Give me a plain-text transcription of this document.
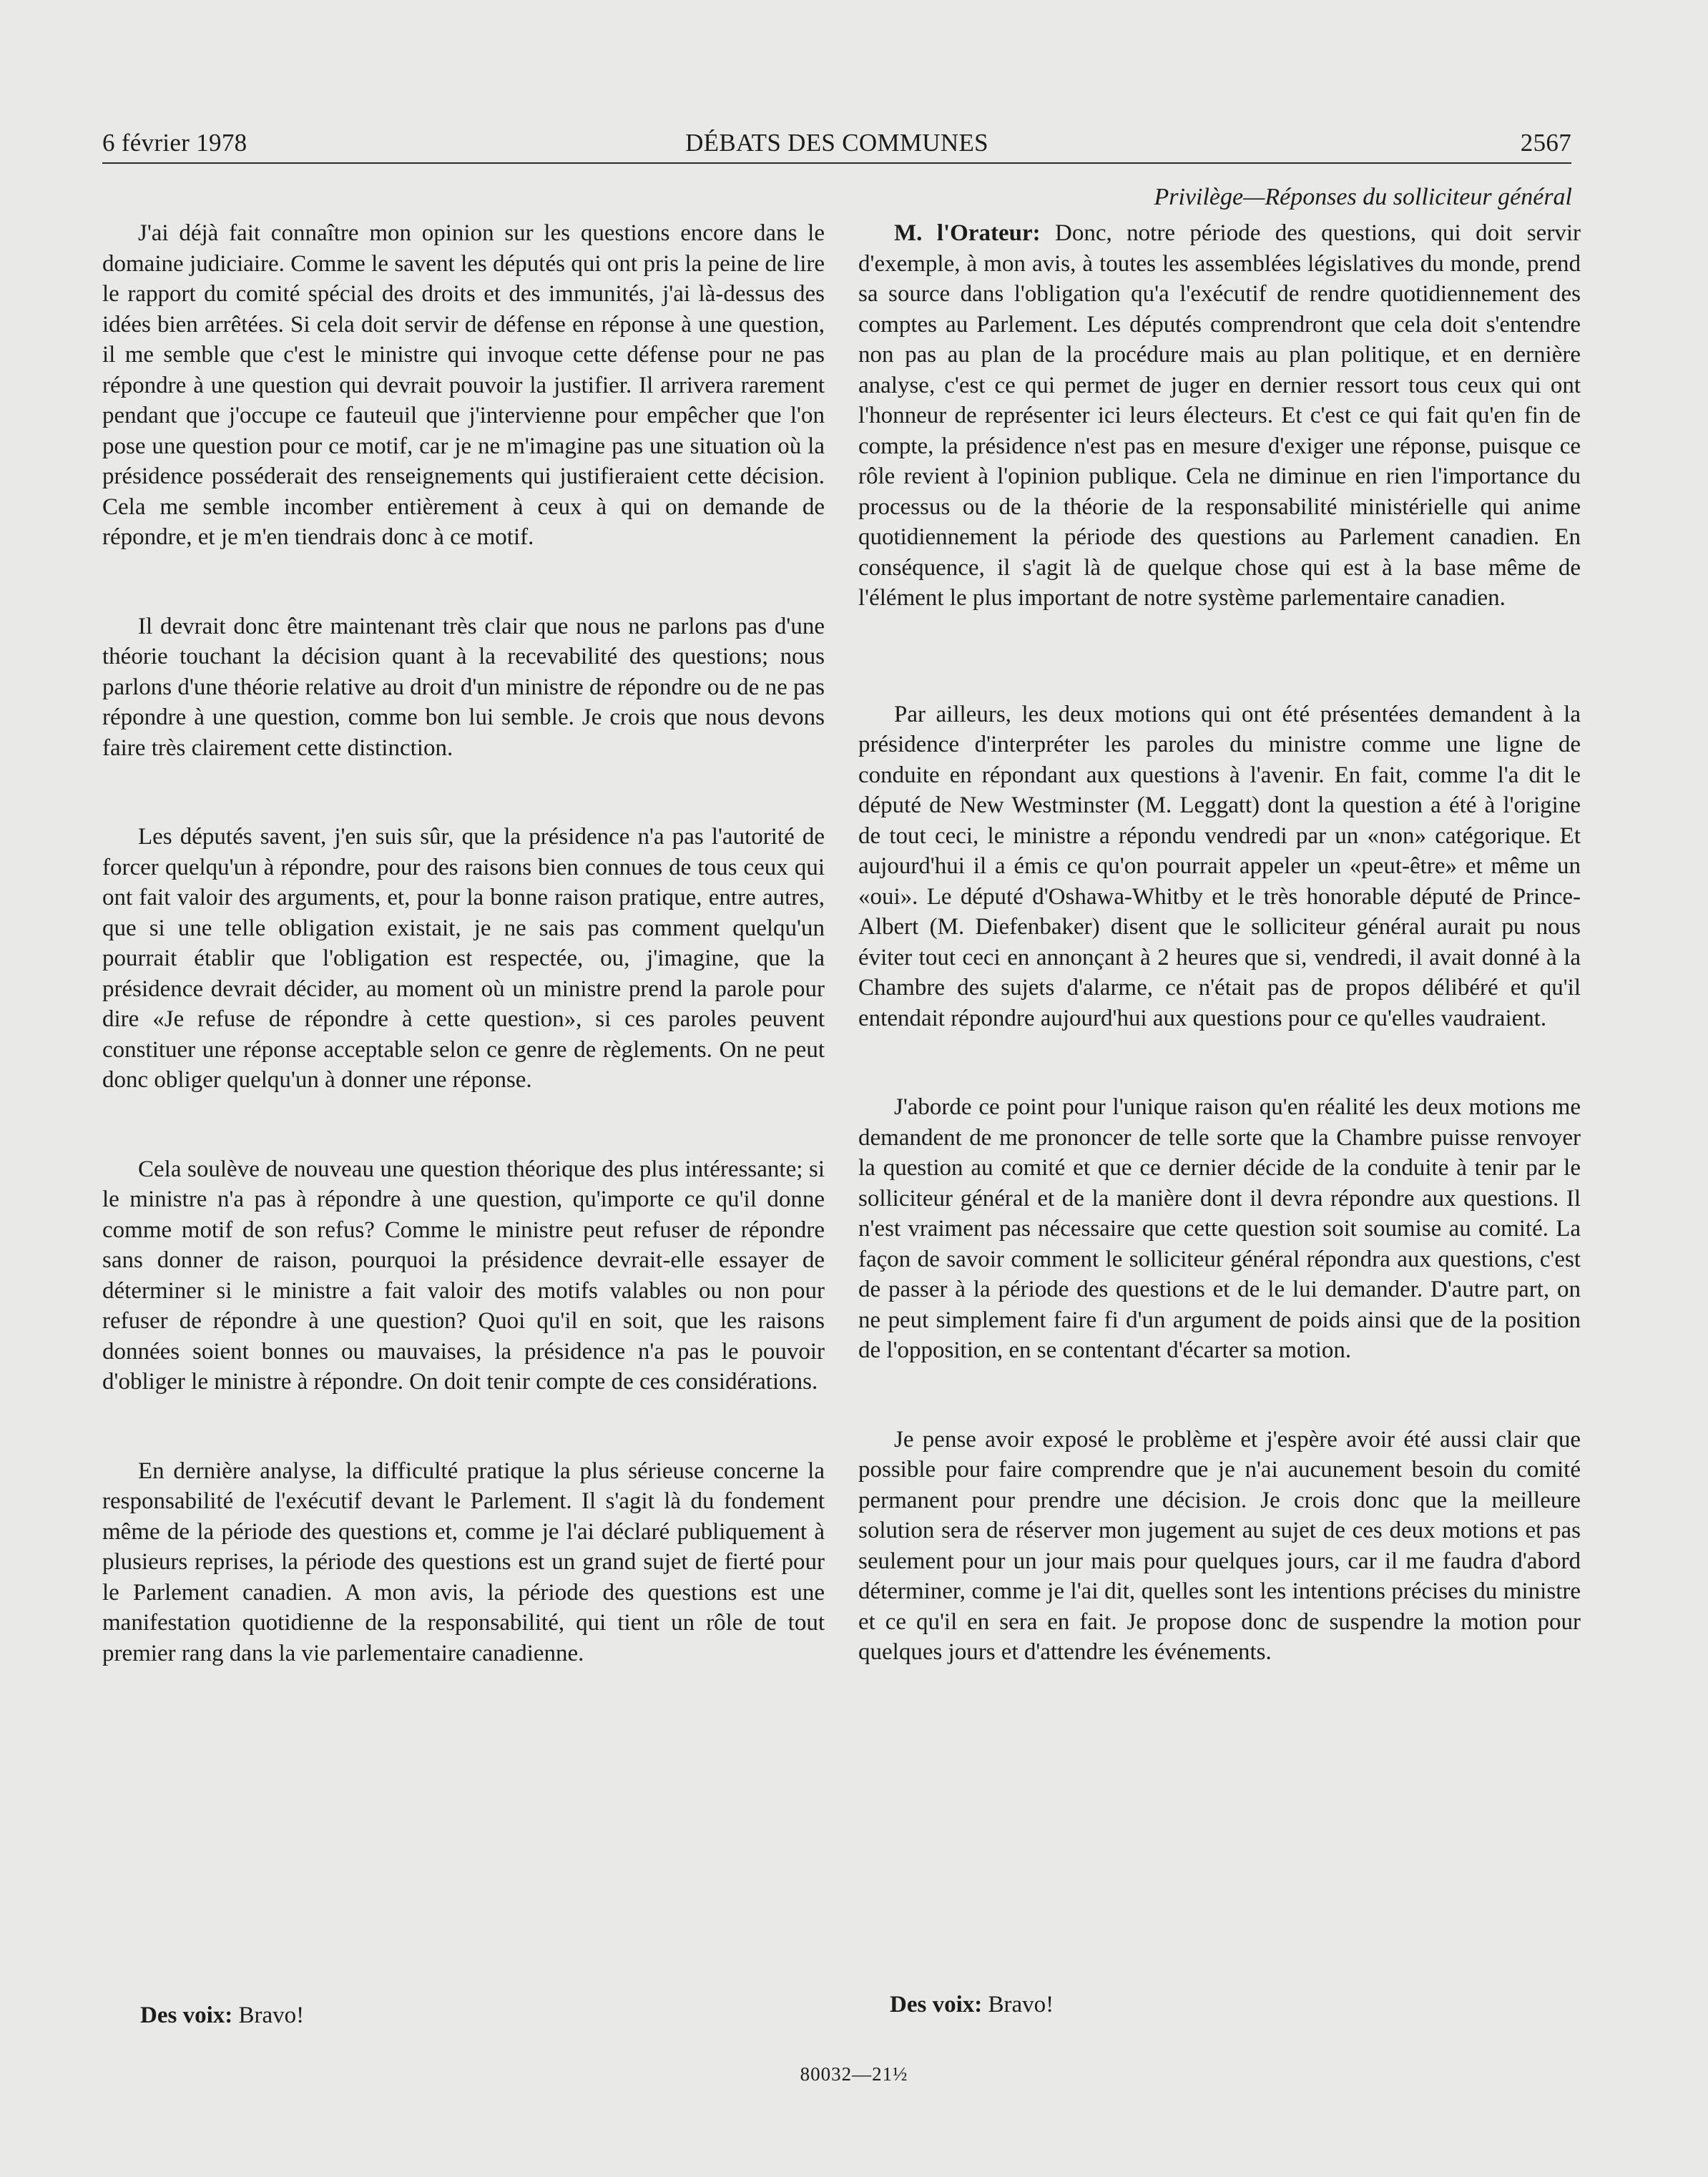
6 février 1978	DÉBATS DES COMMUNES	2567
Privilège—Réponses du solliciteur général

J'ai déjà fait connaître mon opinion sur les questions encore dans le domaine judiciaire. Comme le savent les députés qui ont pris la peine de lire le rapport du comité spécial des droits et des immunités, j'ai là-dessus des idées bien arrêtées. Si cela doit servir de défense en réponse à une question, il me semble que c'est le ministre qui invoque cette défense pour ne pas répondre à une question qui devrait pouvoir la justifier. Il arrivera rarement pendant que j'occupe ce fauteuil que j'intervienne pour empêcher que l'on pose une question pour ce motif, car je ne m'imagine pas une situation où la présidence posséderait des renseignements qui justifieraient cette décision. Cela me semble incomber entièrement à ceux à qui on demande de répondre, et je m'en tiendrais donc à ce motif.

Il devrait donc être maintenant très clair que nous ne parlons pas d'une théorie touchant la décision quant à la recevabilité des questions; nous parlons d'une théorie relative au droit d'un ministre de répondre ou de ne pas répondre à une question, comme bon lui semble. Je crois que nous devons faire très clairement cette distinction.

Les députés savent, j'en suis sûr, que la présidence n'a pas l'autorité de forcer quelqu'un à répondre, pour des raisons bien connues de tous ceux qui ont fait valoir des arguments, et, pour la bonne raison pratique, entre autres, que si une telle obligation existait, je ne sais pas comment quelqu'un pourrait établir que l'obligation est respectée, ou, j'imagine, que la présidence devrait décider, au moment où un ministre prend la parole pour dire «Je refuse de répondre à cette question», si ces paroles peuvent constituer une réponse acceptable selon ce genre de règlements. On ne peut donc obliger quelqu'un à donner une réponse.

Cela soulève de nouveau une question théorique des plus intéressante; si le ministre n'a pas à répondre à une question, qu'importe ce qu'il donne comme motif de son refus? Comme le ministre peut refuser de répondre sans donner de raison, pourquoi la présidence devrait-elle essayer de déterminer si le ministre a fait valoir des motifs valables ou non pour refuser de répondre à une question? Quoi qu'il en soit, que les raisons données soient bonnes ou mauvaises, la présidence n'a pas le pouvoir d'obliger le ministre à répondre. On doit tenir compte de ces considérations.

En dernière analyse, la difficulté pratique la plus sérieuse concerne la responsabilité de l'exécutif devant le Parlement. Il s'agit là du fondement même de la période des questions et, comme je l'ai déclaré publiquement à plusieurs reprises, la période des questions est un grand sujet de fierté pour le Parlement canadien. A mon avis, la période des questions est une manifestation quotidienne de la responsabilité, qui tient un rôle de tout premier rang dans la vie parlementaire canadienne.

M. l'Orateur: Donc, notre période des questions, qui doit servir d'exemple, à mon avis, à toutes les assemblées législatives du monde, prend sa source dans l'obligation qu'a l'exécutif de rendre quotidiennement des comptes au Parlement. Les députés comprendront que cela doit s'entendre non pas au plan de la procédure mais au plan politique, et en dernière analyse, c'est ce qui permet de juger en dernier ressort tous ceux qui ont l'honneur de représenter ici leurs électeurs. Et c'est ce qui fait qu'en fin de compte, la présidence n'est pas en mesure d'exiger une réponse, puisque ce rôle revient à l'opinion publique. Cela ne diminue en rien l'importance du processus ou de la théorie de la responsabilité ministérielle qui anime quotidiennement la période des questions au Parlement canadien. En conséquence, il s'agit là de quelque chose qui est à la base même de l'élément le plus important de notre système parlementaire canadien.

Par ailleurs, les deux motions qui ont été présentées demandent à la présidence d'interpréter les paroles du ministre comme une ligne de conduite en répondant aux questions à l'avenir. En fait, comme l'a dit le député de New Westminster (M. Leggatt) dont la question a été à l'origine de tout ceci, le ministre a répondu vendredi par un «non» catégorique. Et aujourd'hui il a émis ce qu'on pourrait appeler un «peut-être» et même un «oui». Le député d'Oshawa-Whitby et le très honorable député de Prince-Albert (M. Diefenbaker) disent que le solliciteur général aurait pu nous éviter tout ceci en annonçant à 2 heures que si, vendredi, il avait donné à la Chambre des sujets d'alarme, ce n'était pas de propos délibéré et qu'il entendait répondre aujourd'hui aux questions pour ce qu'elles vaudraient.

J'aborde ce point pour l'unique raison qu'en réalité les deux motions me demandent de me prononcer de telle sorte que la Chambre puisse renvoyer la question au comité et que ce dernier décide de la conduite à tenir par le solliciteur général et de la manière dont il devra répondre aux questions. Il n'est vraiment pas nécessaire que cette question soit soumise au comité. La façon de savoir comment le solliciteur général répondra aux questions, c'est de passer à la période des questions et de le lui demander. D'autre part, on ne peut simplement faire fi d'un argument de poids ainsi que de la position de l'opposition, en se contentant d'écarter sa motion.

Je pense avoir exposé le problème et j'espère avoir été aussi clair que possible pour faire comprendre que je n'ai aucunement besoin du comité permanent pour prendre une décision. Je crois donc que la meilleure solution sera de réserver mon jugement au sujet de ces deux motions et pas seulement pour un jour mais pour quelques jours, car il me faudra d'abord déterminer, comme je l'ai dit, quelles sont les intentions précises du ministre et ce qu'il en sera en fait. Je propose donc de suspendre la motion pour quelques jours et d'attendre les événements.

Des voix: Bravo!	Des voix: Bravo!
80032—21½
